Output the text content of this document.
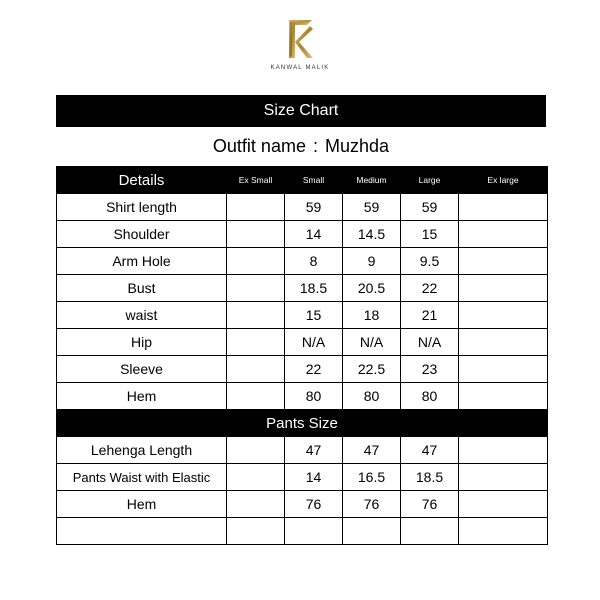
KANWAL MALIK
Size Chart
Outfit name : Muzhda
Details	Ex Small	Small	Medium	Large	Ex large
Shirt length		59	59	59	
Shoulder		14	14.5	15	
Arm Hole		8	9	9.5	
Bust		18.5	20.5	22	
waist		15	18	21	
Hip		N/A	N/A	N/A	
Sleeve		22	22.5	23	
Hem		80	80	80	
Pants Size					
Lehenga Length		47	47	47	
Pants Waist with Elastic		14	16.5	18.5	
Hem		76	76	76	
